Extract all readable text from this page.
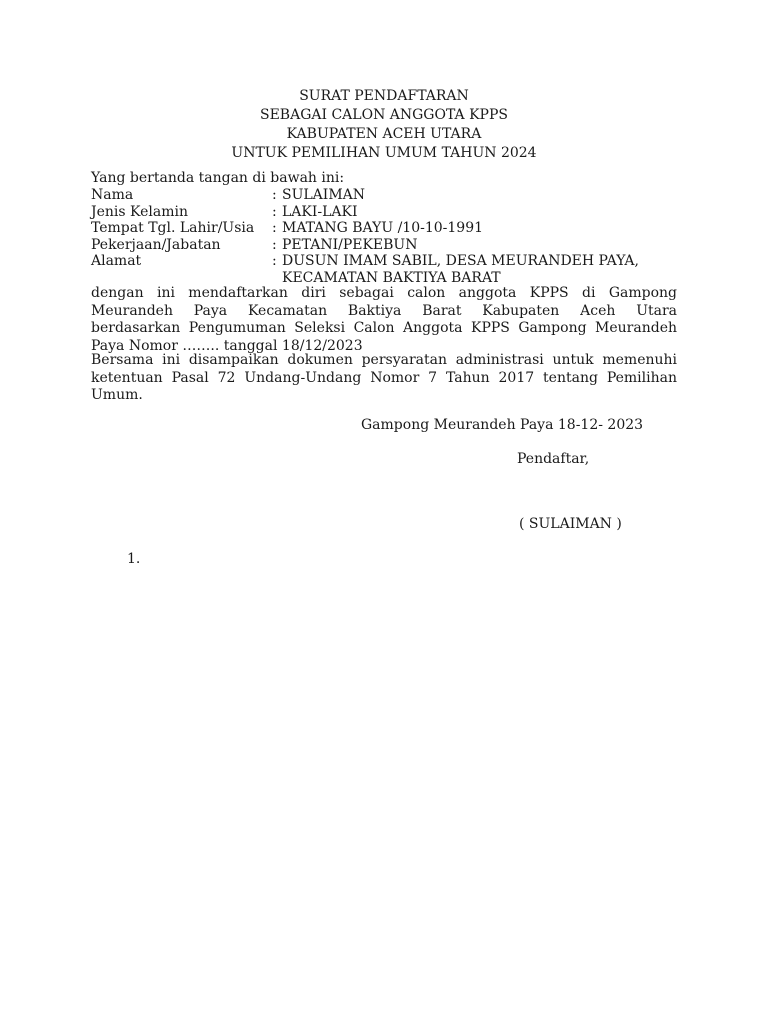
SURAT PENDAFTARAN
SEBAGAI CALON ANGGOTA KPPS
KABUPATEN ACEH UTARA
UNTUK PEMILIHAN UMUM TAHUN 2024
Yang bertanda tangan di bawah ini:
Nama	: SULAIMAN
Jenis Kelamin	: LAKI-LAKI
Tempat Tgl. Lahir/Usia	: MATANG BAYU /10-10-1991
Pekerjaan/Jabatan	: PETANI/PEKEBUN
Alamat	: DUSUN IMAM SABIL, DESA MEURANDEH PAYA,
KECAMATAN BAKTIYA BARAT
dengan ini mendaftarkan diri sebagai calon anggota KPPS di Gampong
Meurandeh Paya Kecamatan Baktiya Barat Kabupaten Aceh Utara
berdasarkan Pengumuman Seleksi Calon Anggota KPPS Gampong Meurandeh
Paya Nomor …….. tanggal 18/12/2023
Bersama ini disampaikan dokumen persyaratan administrasi untuk memenuhi
ketentuan Pasal 72 Undang-Undang Nomor 7 Tahun 2017 tentang Pemilihan
Umum.
Gampong Meurandeh Paya 18-12- 2023
Pendaftar,
( SULAIMAN )
1.
